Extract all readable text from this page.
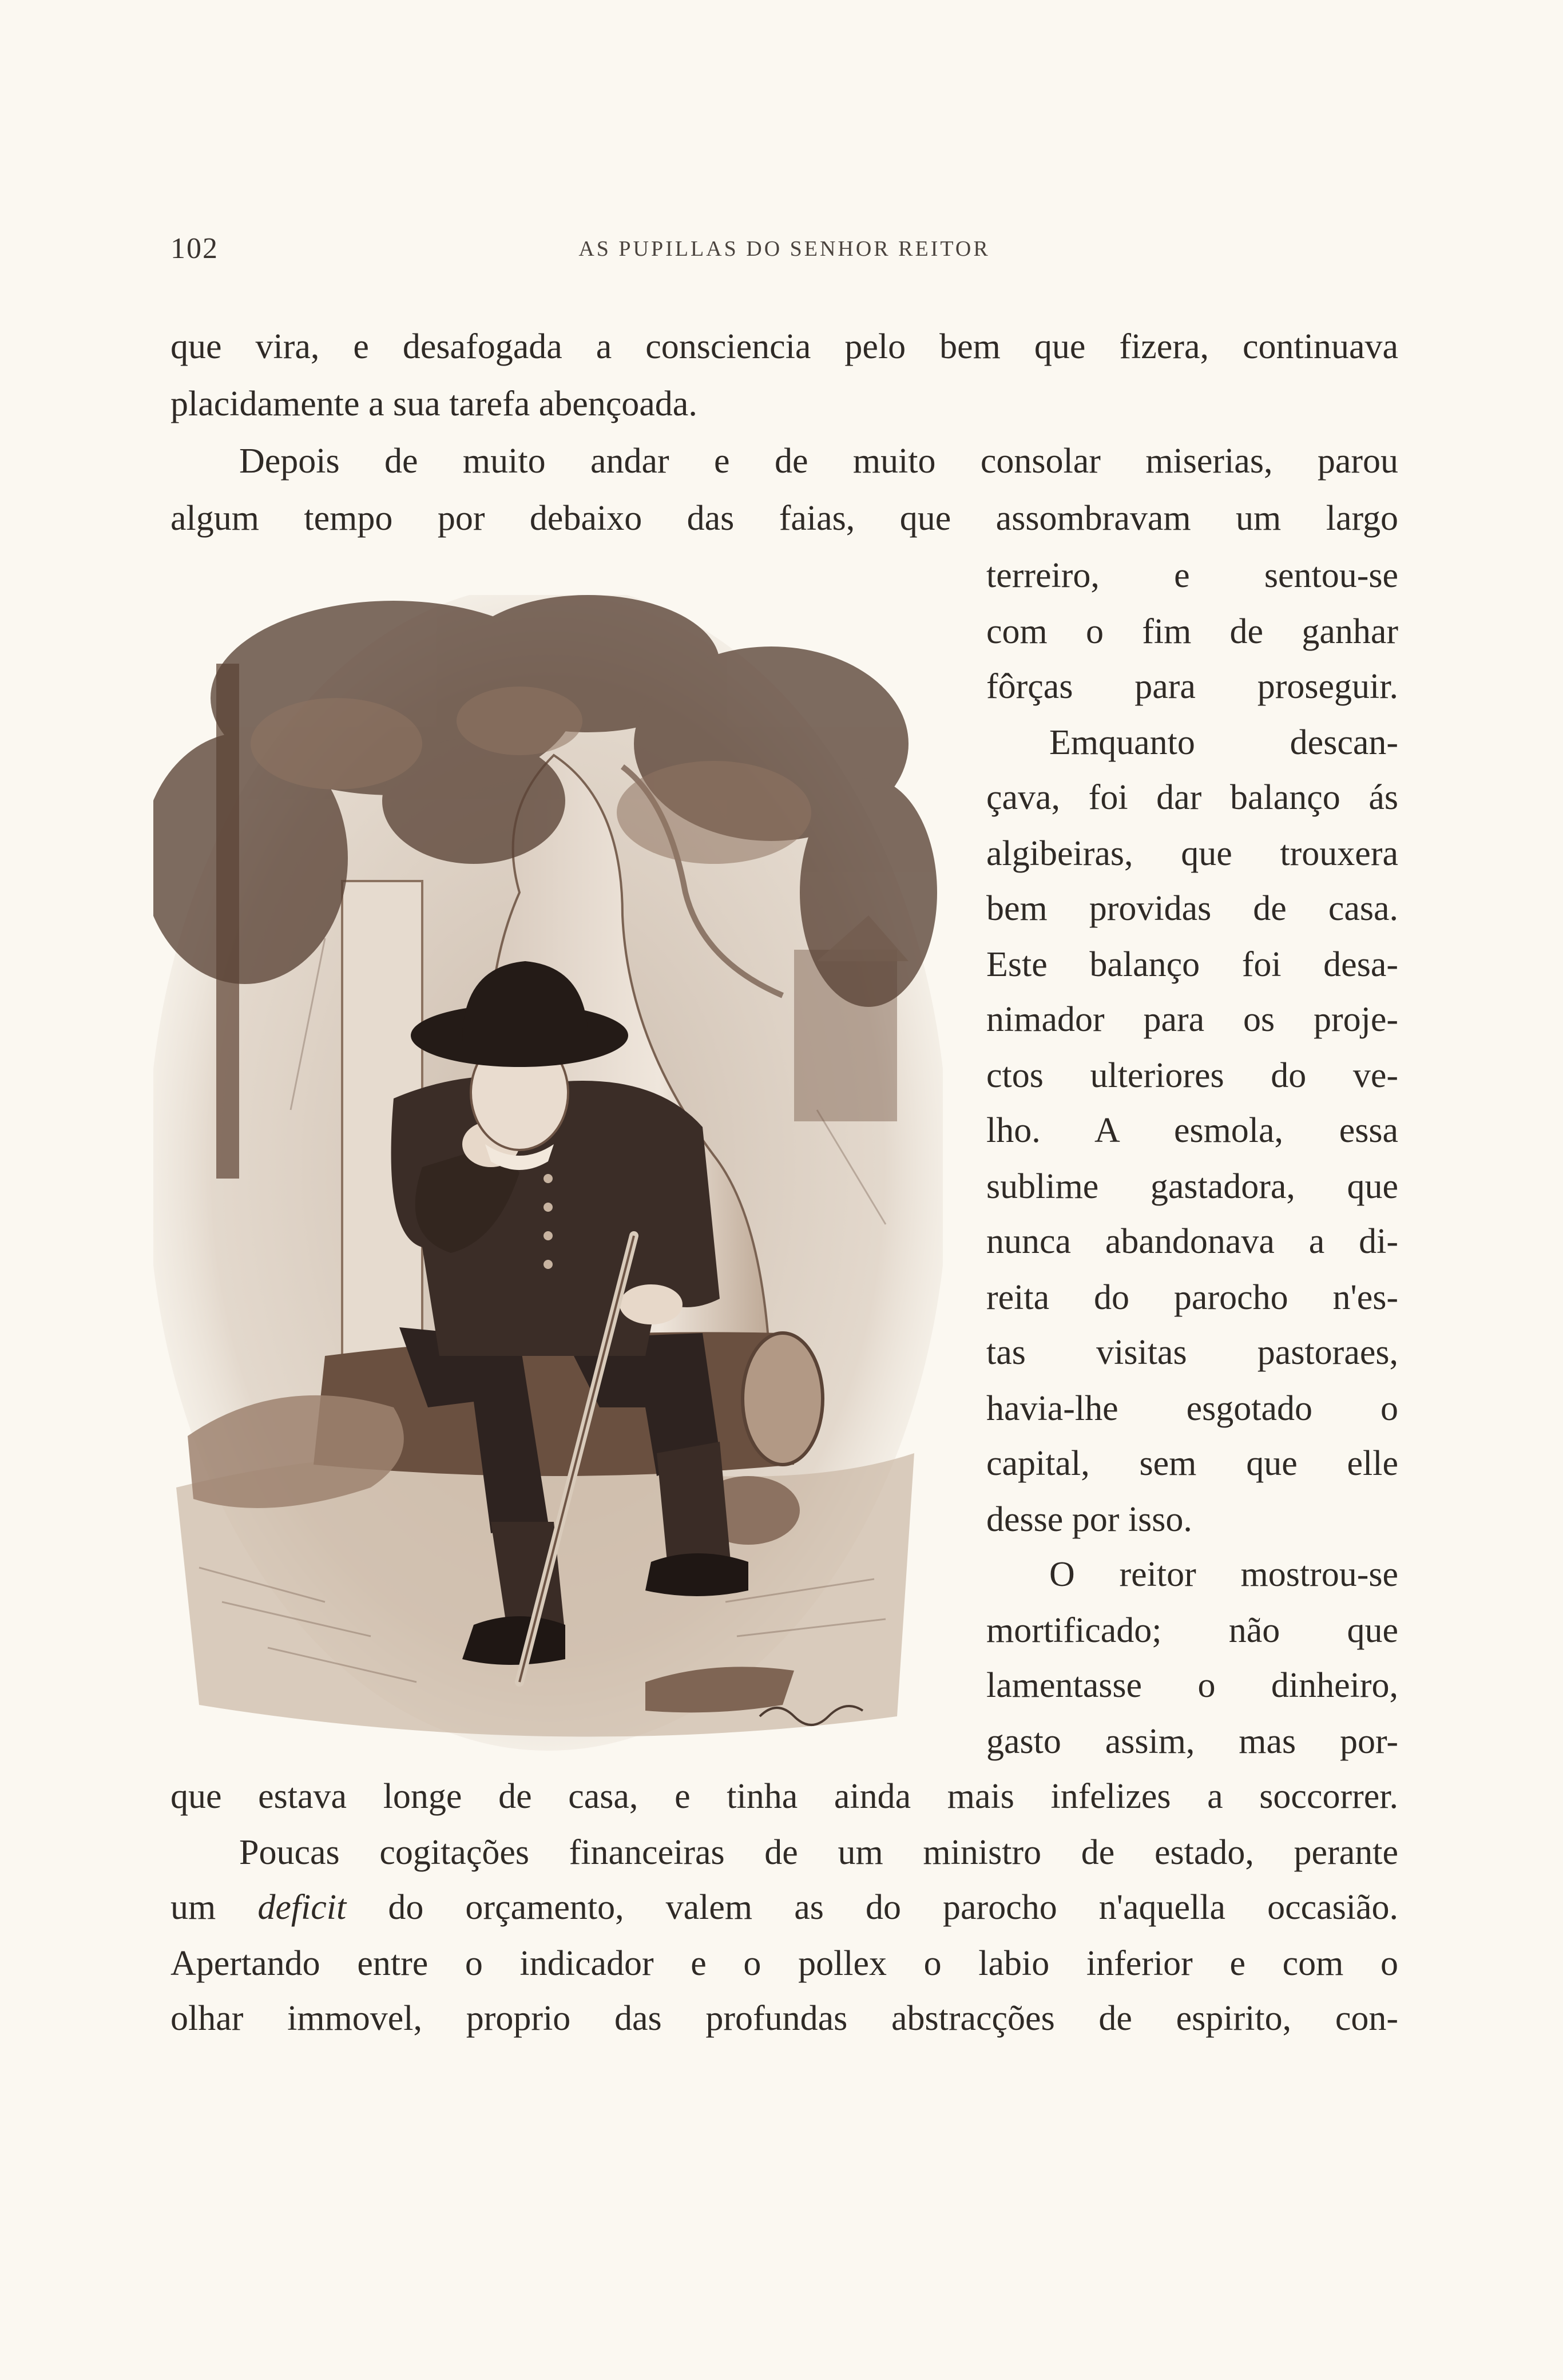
102	AS PUPILLAS DO SENHOR REITOR
que vira, e desafogada a consciencia pelo bem que fizera, continuava
placidamente a sua tarefa abençoada.
Depois de muito andar e de muito consolar miserias, parou
algum tempo por debaixo das faias, que assombravam um largo
terreiro, e sentou-se
com o fim de ganhar
fôrças para proseguir.
Emquanto descan-
çava, foi dar balanço ás
algibeiras, que trouxera
bem providas de casa.
Este balanço foi desa-
nimador para os proje-
ctos ulteriores do ve-
lho. A esmola, essa
sublime gastadora, que
nunca abandonava a di-
reita do parocho n'es-
tas visitas pastoraes,
havia-lhe esgotado o
capital, sem que elle
desse por isso.
O reitor mostrou-se
mortificado; não que
lamentasse o dinheiro,
gasto assim, mas por-
que estava longe de casa, e tinha ainda mais infelizes a soccorrer.
Poucas cogitações financeiras de um ministro de estado, perante
um deficit do orçamento, valem as do parocho n'aquella occasião.
Apertando entre o indicador e o pollex o labio inferior e com o
olhar immovel, proprio das profundas abstracções de espirito, con-
